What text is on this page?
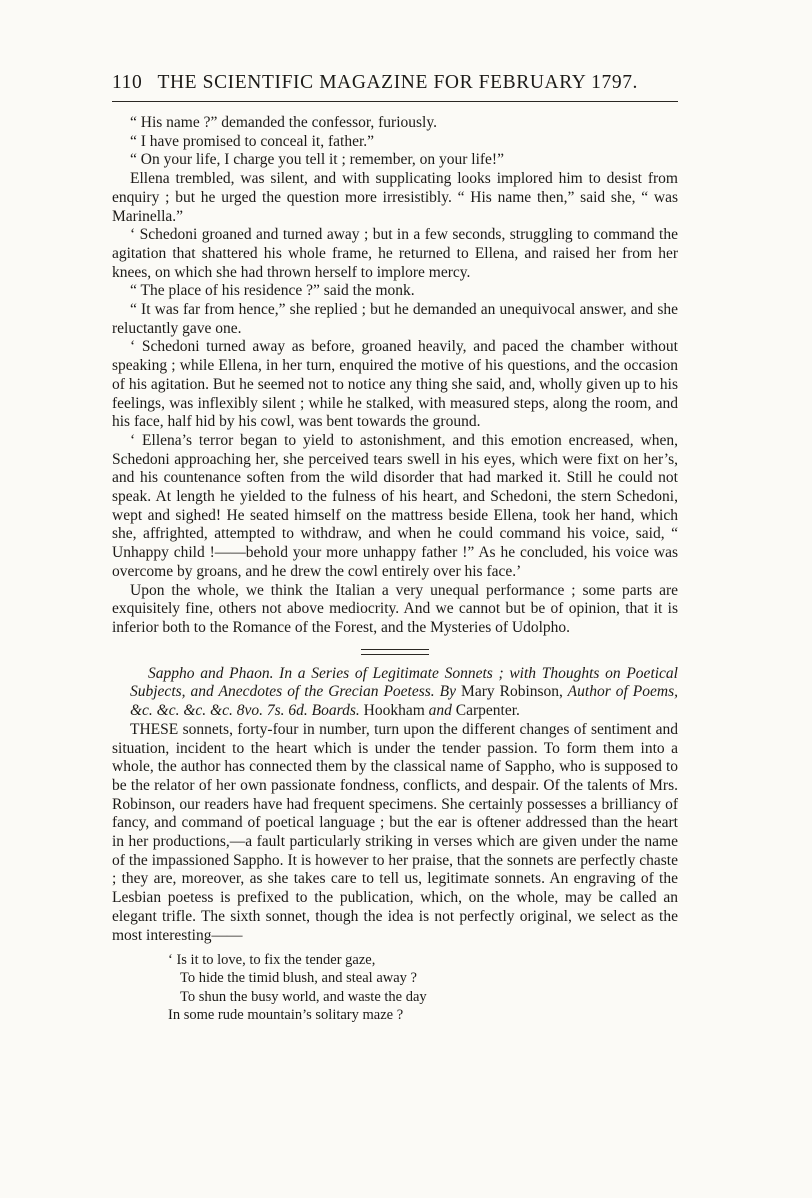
110 THE SCIENTIFIC MAGAZINE FOR FEBRUARY 1797.

“ His name ?” demanded the confessor, furiously.

“ I have promised to conceal it, father.”

“ On your life, I charge you tell it ; remember, on your life!”

Ellena trembled, was silent, and with supplicating looks implored him to desist from enquiry ; but he urged the question more irresistibly. “ His name then,” said she, “ was Marinella.”

‘ Schedoni groaned and turned away ; but in a few seconds, struggling to command the agitation that shattered his whole frame, he returned to Ellena, and raised her from her knees, on which she had thrown herself to implore mercy.

“ The place of his residence ?” said the monk.

“ It was far from hence,” she replied ; but he demanded an unequivocal answer, and she reluctantly gave one.

‘ Schedoni turned away as before, groaned heavily, and paced the chamber without speaking ; while Ellena, in her turn, enquired the motive of his questions, and the occasion of his agitation. But he seemed not to notice any thing she said, and, wholly given up to his feelings, was inflexibly silent ; while he stalked, with measured steps, along the room, and his face, half hid by his cowl, was bent towards the ground.

‘ Ellena’s terror began to yield to astonishment, and this emotion encreased, when, Schedoni approaching her, she perceived tears swell in his eyes, which were fixt on her’s, and his countenance soften from the wild disorder that had marked it. Still he could not speak. At length he yielded to the fulness of his heart, and Schedoni, the stern Schedoni, wept and sighed! He seated himself on the mattress beside Ellena, took her hand, which she, affrighted, attempted to withdraw, and when he could command his voice, said, “ Unhappy child !——behold your more unhappy father !” As he concluded, his voice was overcome by groans, and he drew the cowl entirely over his face.’

Upon the whole, we think the Italian a very unequal performance ; some parts are exquisitely fine, others not above mediocrity. And we cannot but be of opinion, that it is inferior both to the Romance of the Forest, and the Mysteries of Udolpho.

Sappho and Phaon. In a Series of Legitimate Sonnets ; with Thoughts on Poetical Subjects, and Anecdotes of the Grecian Poetess. By Mary Robinson, Author of Poems, &c. &c. &c. &c. 8vo. 7s. 6d. Boards. Hookham and Carpenter.

THESE sonnets, forty-four in number, turn upon the different changes of sentiment and situation, incident to the heart which is under the tender passion. To form them into a whole, the author has connected them by the classical name of Sappho, who is supposed to be the relator of her own passionate fondness, conflicts, and despair. Of the talents of Mrs. Robinson, our readers have had frequent specimens. She certainly possesses a brilliancy of fancy, and command of poetical language ; but the ear is oftener addressed than the heart in her productions,—a fault particularly striking in verses which are given under the name of the impassioned Sappho. It is however to her praise, that the sonnets are perfectly chaste ; they are, moreover, as she takes care to tell us, legitimate sonnets. An engraving of the Lesbian poetess is prefixed to the publication, which, on the whole, may be called an elegant trifle. The sixth sonnet, though the idea is not perfectly original, we select as the most interesting——

‘ Is it to love, to fix the tender gaze,
To hide the timid blush, and steal away ?
To shun the busy world, and waste the day
In some rude mountain’s solitary maze ?
